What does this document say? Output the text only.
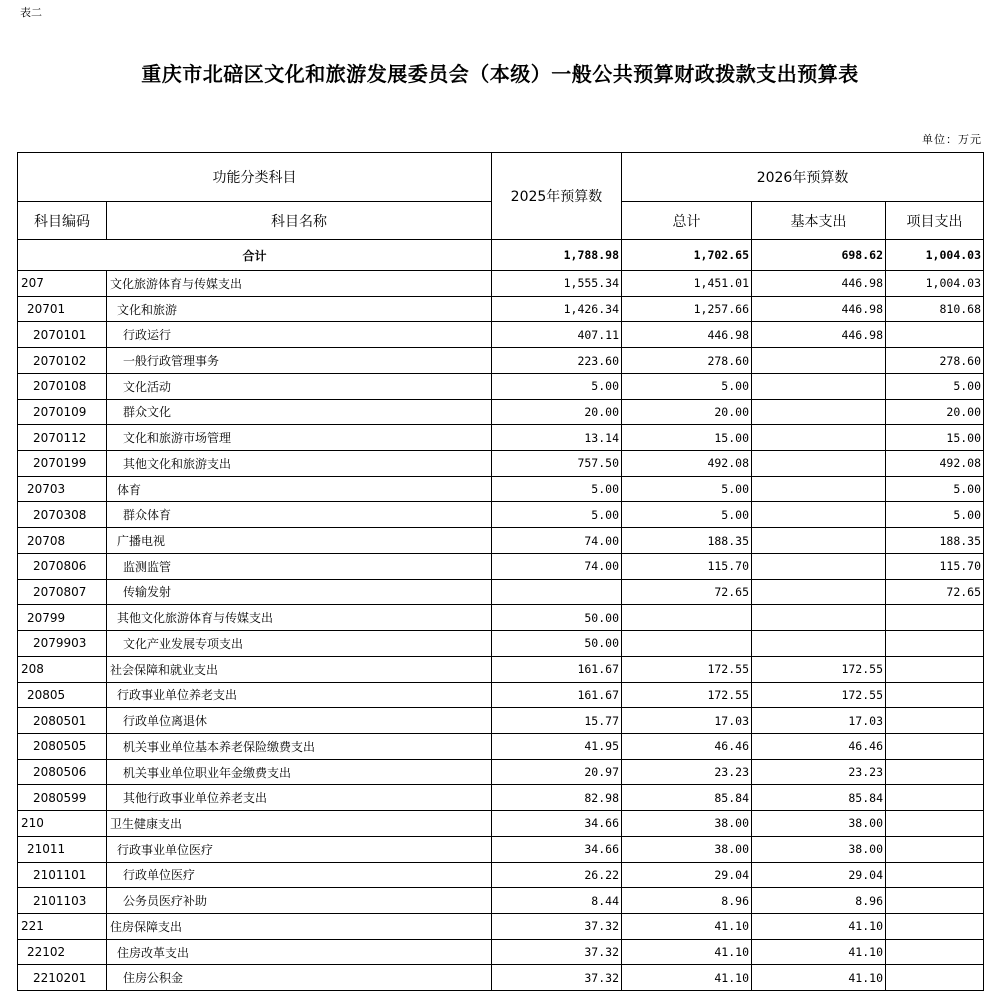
表二
重庆市北碚区文化和旅游发展委员会（本级）一般公共预算财政拨款支出预算表
单位：万元
功能分类科目		2025年预算数	2026年预算数		
科目编码	科目名称		总计	基本支出	项目支出
合计		1,788.98	1,702.65	698.62	1,004.03
207	文化旅游体育与传媒支出	1,555.34	1,451.01	446.98	1,004.03
20701	文化和旅游	1,426.34	1,257.66	446.98	810.68
2070101	行政运行	407.11	446.98	446.98	
2070102	一般行政管理事务	223.60	278.60		278.60
2070108	文化活动	5.00	5.00		5.00
2070109	群众文化	20.00	20.00		20.00
2070112	文化和旅游市场管理	13.14	15.00		15.00
2070199	其他文化和旅游支出	757.50	492.08		492.08
20703	体育	5.00	5.00		5.00
2070308	群众体育	5.00	5.00		5.00
20708	广播电视	74.00	188.35		188.35
2070806	监测监管	74.00	115.70		115.70
2070807	传输发射		72.65		72.65
20799	其他文化旅游体育与传媒支出	50.00			
2079903	文化产业发展专项支出	50.00			
208	社会保障和就业支出	161.67	172.55	172.55	
20805	行政事业单位养老支出	161.67	172.55	172.55	
2080501	行政单位离退休	15.77	17.03	17.03	
2080505	机关事业单位基本养老保险缴费支出	41.95	46.46	46.46	
2080506	机关事业单位职业年金缴费支出	20.97	23.23	23.23	
2080599	其他行政事业单位养老支出	82.98	85.84	85.84	
210	卫生健康支出	34.66	38.00	38.00	
21011	行政事业单位医疗	34.66	38.00	38.00	
2101101	行政单位医疗	26.22	29.04	29.04	
2101103	公务员医疗补助	8.44	8.96	8.96	
221	住房保障支出	37.32	41.10	41.10	
22102	住房改革支出	37.32	41.10	41.10	
2210201	住房公积金	37.32	41.10	41.10	
